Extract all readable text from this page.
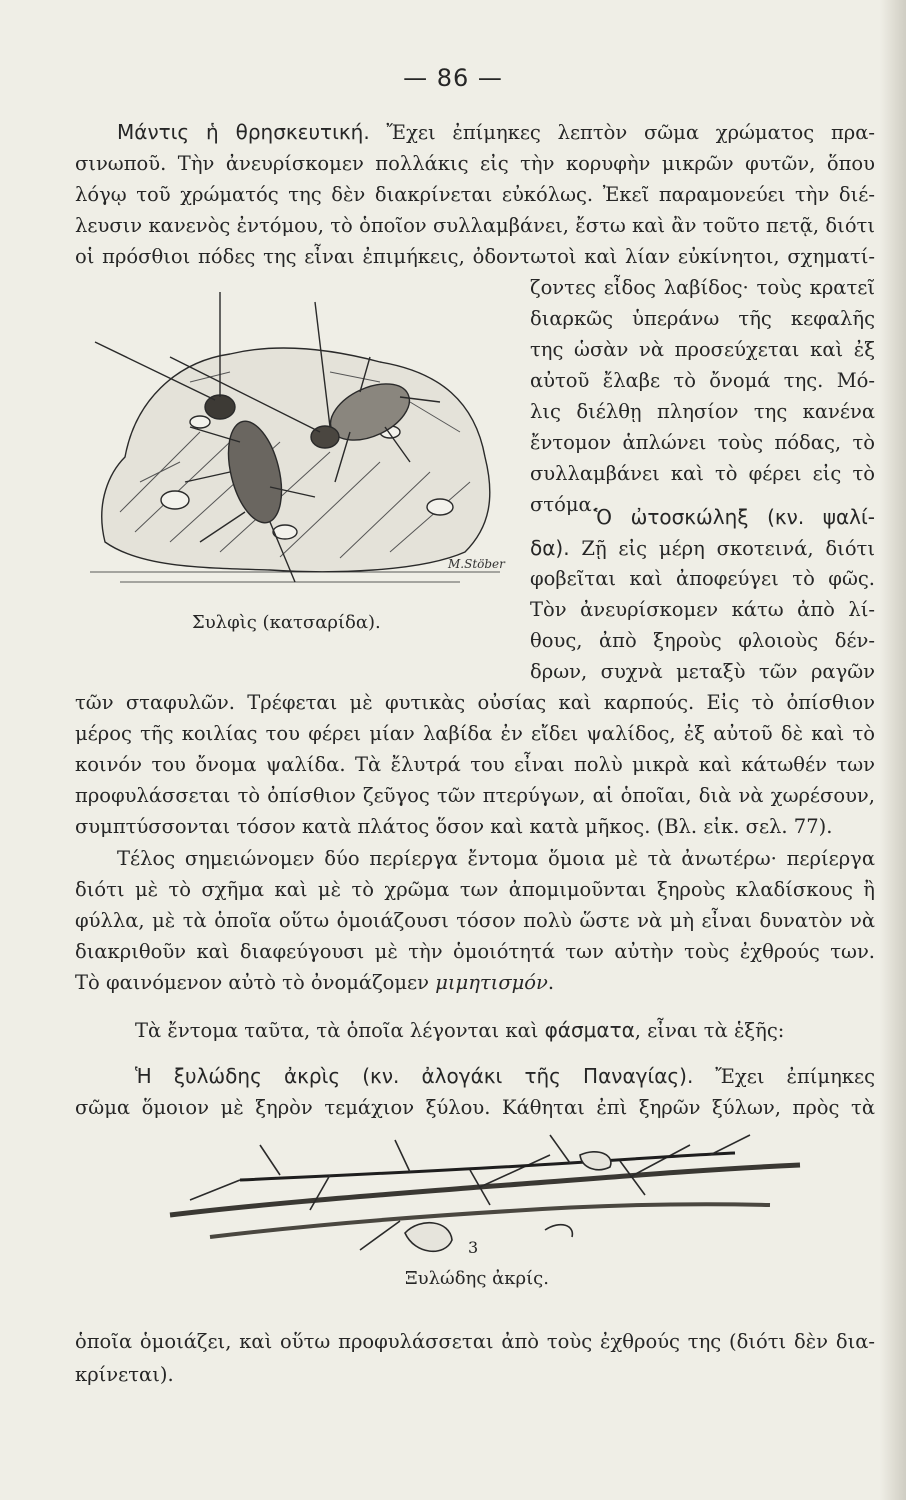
— 86 —
Μάντις ἡ θρησκευτική. Ἔχει ἐπίμηκες λεπτὸν σῶμα χρώματος πρα-
σινωποῦ. Τὴν ἀνευρίσκομεν πολλάκις εἰς τὴν κορυφὴν μικρῶν φυτῶν, ὅπου
λόγῳ τοῦ χρώματός της δὲν διακρίνεται εὐκόλως. Ἐκεῖ παραμονεύει τὴν διέ-
λευσιν κανενὸς ἐντόμου, τὸ ὁποῖον συλλαμβάνει, ἔστω καὶ ἂν τοῦτο πετᾷ, διότι
οἱ πρόσθιοι πόδες της εἶναι ἐπιμήκεις, ὀδοντωτοὶ καὶ λίαν εὐκίνητοι, σχηματί-
ζοντες εἶδος λαβίδος· τοὺς κρατεῖ
διαρκῶς ὑπεράνω τῆς κεφαλῆς
της ὡσὰν νὰ προσεύχεται καὶ ἐξ
αὐτοῦ ἔλαβε τὸ ὄνομά της. Μό-
λις διέλθῃ πλησίον της κανένα
ἔντομον ἁπλώνει τοὺς πόδας, τὸ
συλλαμβάνει καὶ τὸ φέρει εἰς τὸ
στόμα.
M.Stöber
Συλφὶς (κατσαρίδα).
Ὁ ὠτοσκώληξ (κν. ψαλί-
δα). Ζῇ εἰς μέρη σκοτεινά, διότι
φοβεῖται καὶ ἀποφεύγει τὸ φῶς.
Τὸν ἀνευρίσκομεν κάτω ἀπὸ λί-
θους, ἀπὸ ξηροὺς φλοιοὺς δέν-
δρων, συχνὰ μεταξὺ τῶν ραγῶν
τῶν σταφυλῶν. Τρέφεται μὲ φυτικὰς οὐσίας καὶ καρπούς. Εἰς τὸ ὀπίσθιον
μέρος τῆς κοιλίας του φέρει μίαν λαβίδα ἐν εἴδει ψαλίδος, ἐξ αὐτοῦ δὲ καὶ τὸ
κοινόν του ὄνομα ψαλίδα. Τὰ ἔλυτρά του εἶναι πολὺ μικρὰ καὶ κάτωθέν των
προφυλάσσεται τὸ ὀπίσθιον ζεῦγος τῶν πτερύγων, αἱ ὁποῖαι, διὰ νὰ χωρέσουν,
συμπτύσσονται τόσον κατὰ πλάτος ὅσον καὶ κατὰ μῆκος. (Βλ. εἰκ. σελ. 77).
Τέλος σημειώνομεν δύο περίεργα ἔντομα ὅμοια μὲ τὰ ἀνωτέρω· περίεργα
διότι μὲ τὸ σχῆμα καὶ μὲ τὸ χρῶμα των ἀπομιμοῦνται ξηροὺς κλαδίσκους ἢ
φύλλα, μὲ τὰ ὁποῖα οὕτω ὁμοιάζουσι τόσον πολὺ ὥστε νὰ μὴ εἶναι δυνατὸν νὰ
διακριθοῦν καὶ διαφεύγουσι μὲ τὴν ὁμοιότητά των αὐτὴν τοὺς ἐχθρούς των.
Τὸ φαινόμενον αὐτὸ τὸ ὀνομάζομεν μιμητισμόν.
Τὰ ἔντομα ταῦτα, τὰ ὁποῖα λέγονται καὶ φάσματα, εἶναι τὰ ἑξῆς:
Ἡ ξυλώδης ἀκρὶς (κν. ἀλογάκι τῆς Παναγίας). Ἔχει ἐπίμηκες
σῶμα ὅμοιον μὲ ξηρὸν τεμάχιον ξύλου. Κάθηται ἐπὶ ξηρῶν ξύλων, πρὸς τὰ
3
Ξυλώδης ἀκρίς.
ὁποῖα ὁμοιάζει, καὶ οὕτω προφυλάσσεται ἀπὸ τοὺς ἐχθρούς της (διότι δὲν δια-
κρίνεται).
